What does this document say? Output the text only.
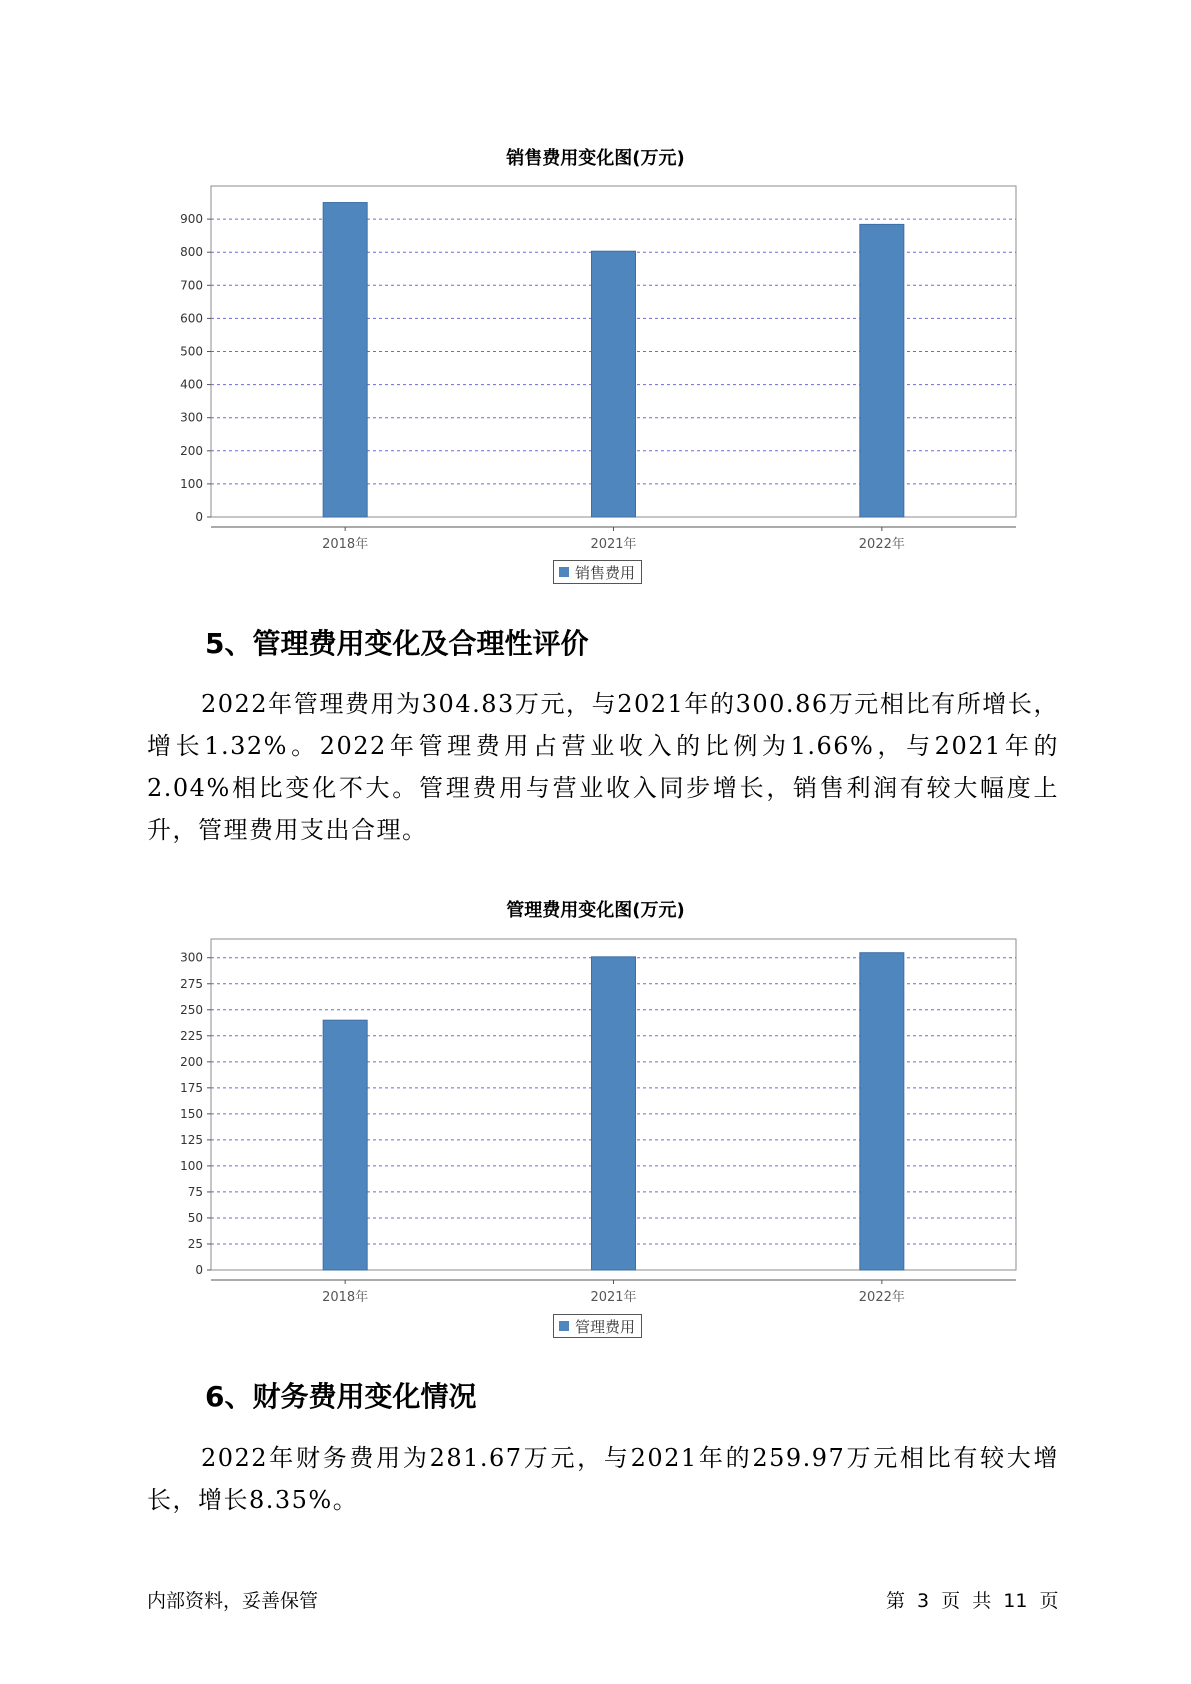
销售费用变化图(万元)
0
100
200
300
400
500
600
700
800
900
2018年	2021年	2022年
销售费用
5、管理费用变化及合理性评价

2022年管理费用为304.83万元，与2021年的300.86万元相比有所增长，增长1.32%。2022年管理费用占营业收入的比例为1.66%，与2021年的2.04%相比变化不大。管理费用与营业收入同步增长，销售利润有较大幅度上升，管理费用支出合理。

管理费用变化图(万元)
0
25
50
75
100
125
150
175
200
225
250
275
300
2018年	2021年	2022年
管理费用
6、财务费用变化情况

2022年财务费用为281.67万元，与2021年的259.97万元相比有较大增长，增长8.35%。

内部资料，妥善保管	第 3 页 共 11 页
